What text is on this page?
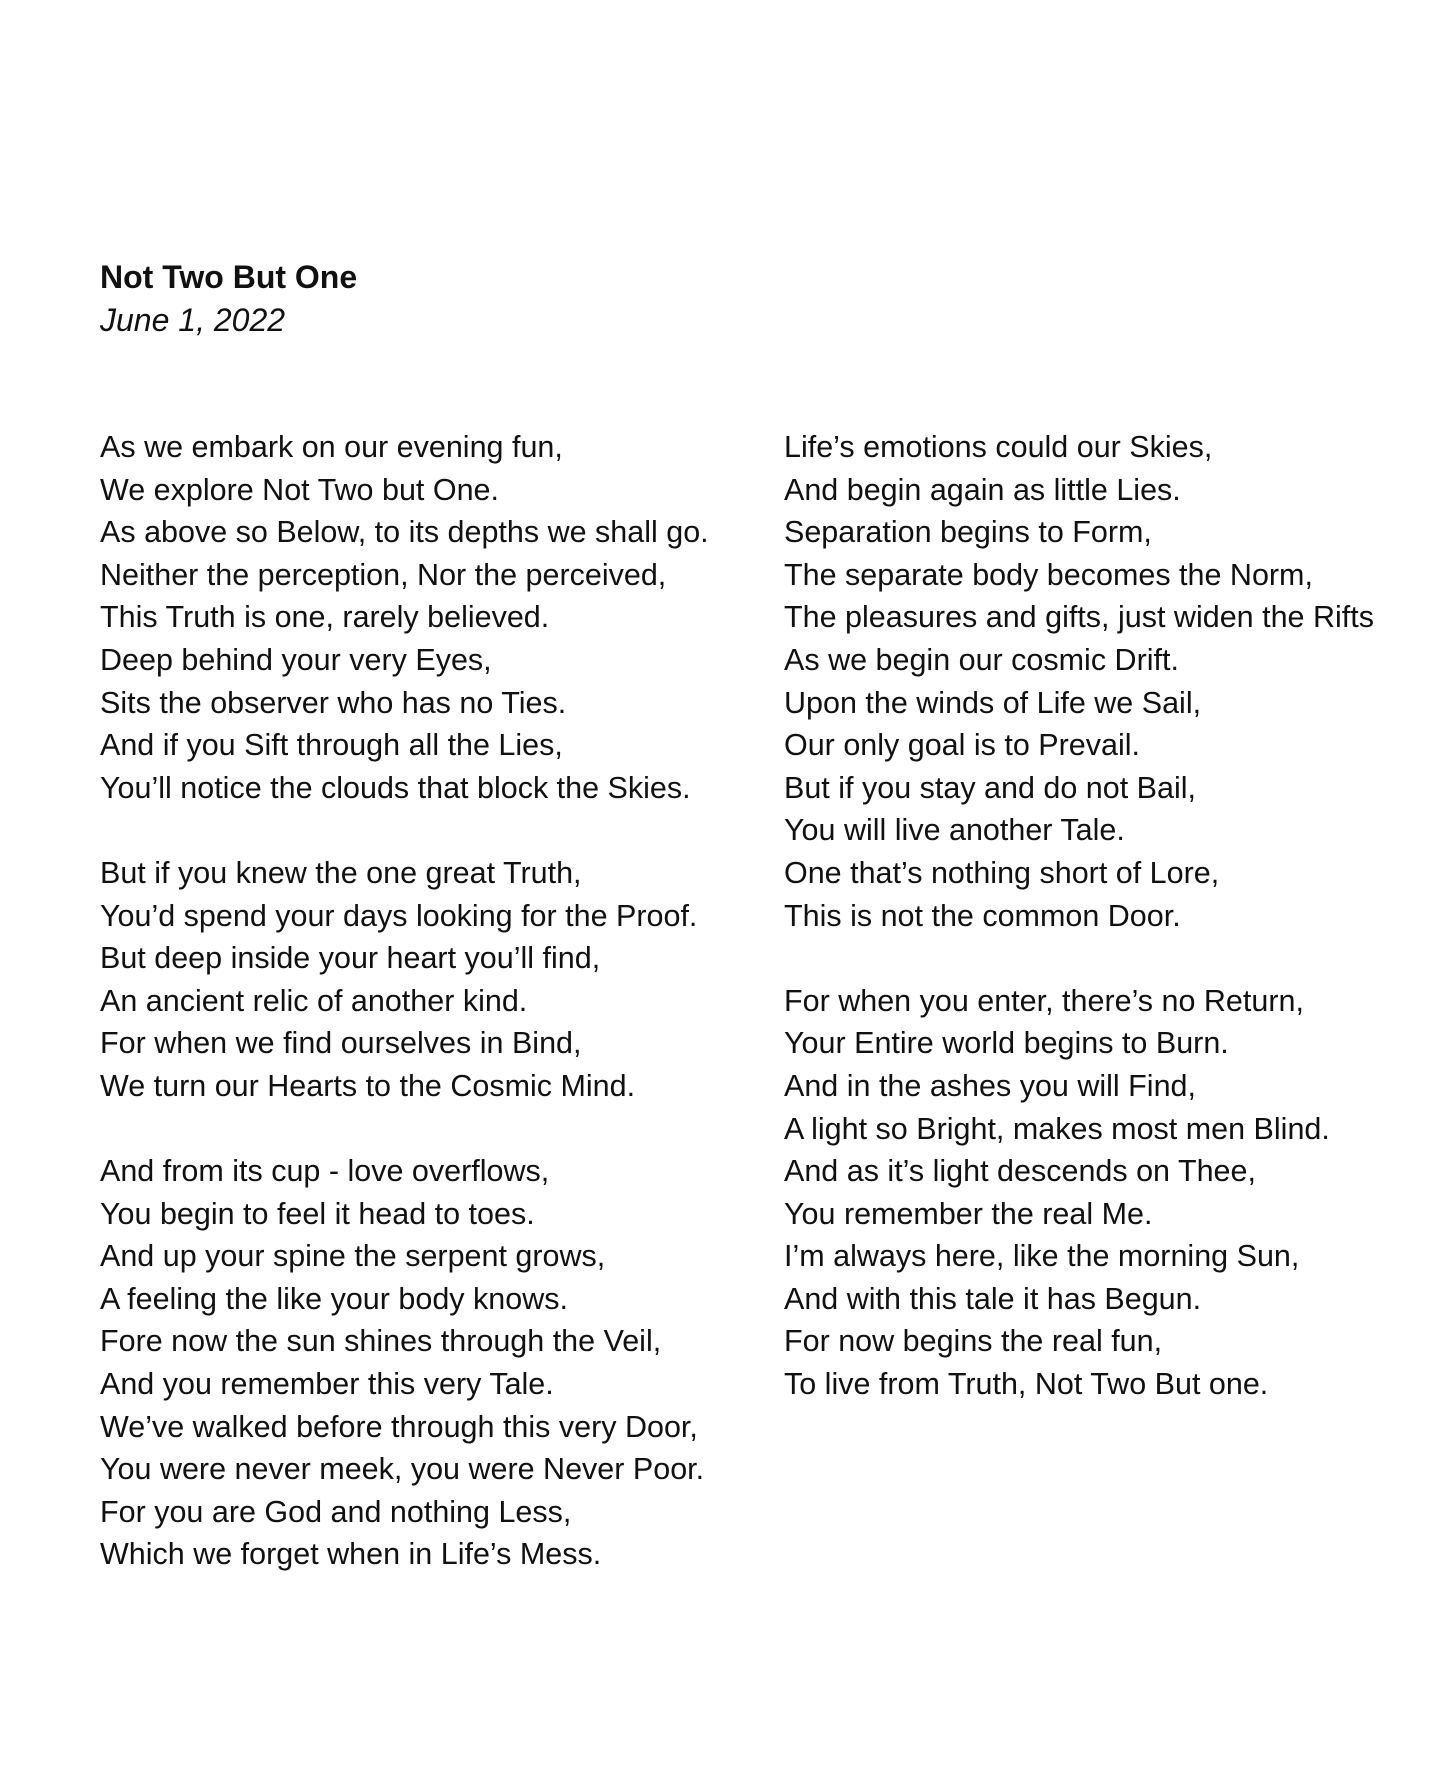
Not Two But One
June 1, 2022
As we embark on our evening fun,
We explore Not Two but One.
As above so Below, to its depths we shall go.
Neither the perception, Nor the perceived,
This Truth is one, rarely believed.
Deep behind your very Eyes,
Sits the observer who has no Ties.
And if you Sift through all the Lies,
You’ll notice the clouds that block the Skies.
But if you knew the one great Truth,
You’d spend your days looking for the Proof.
But deep inside your heart you’ll find,
An ancient relic of another kind.
For when we find ourselves in Bind,
We turn our Hearts to the Cosmic Mind.
And from its cup - love overflows,
You begin to feel it head to toes.
And up your spine the serpent grows,
A feeling the like your body knows.
Fore now the sun shines through the Veil,
And you remember this very Tale.
We’ve walked before through this very Door,
You were never meek, you were Never Poor.
For you are God and nothing Less,
Which we forget when in Life’s Mess.
Life’s emotions could our Skies,
And begin again as little Lies.
Separation begins to Form,
The separate body becomes the Norm,
The pleasures and gifts, just widen the Rifts
As we begin our cosmic Drift.
Upon the winds of Life we Sail,
Our only goal is to Prevail.
But if you stay and do not Bail,
You will live another Tale.
One that’s nothing short of Lore,
This is not the common Door.
For when you enter, there’s no Return,
Your Entire world begins to Burn.
And in the ashes you will Find,
A light so Bright, makes most men Blind.
And as it’s light descends on Thee,
You remember the real Me.
I’m always here, like the morning Sun,
And with this tale it has Begun.
For now begins the real fun,
To live from Truth, Not Two But one.
